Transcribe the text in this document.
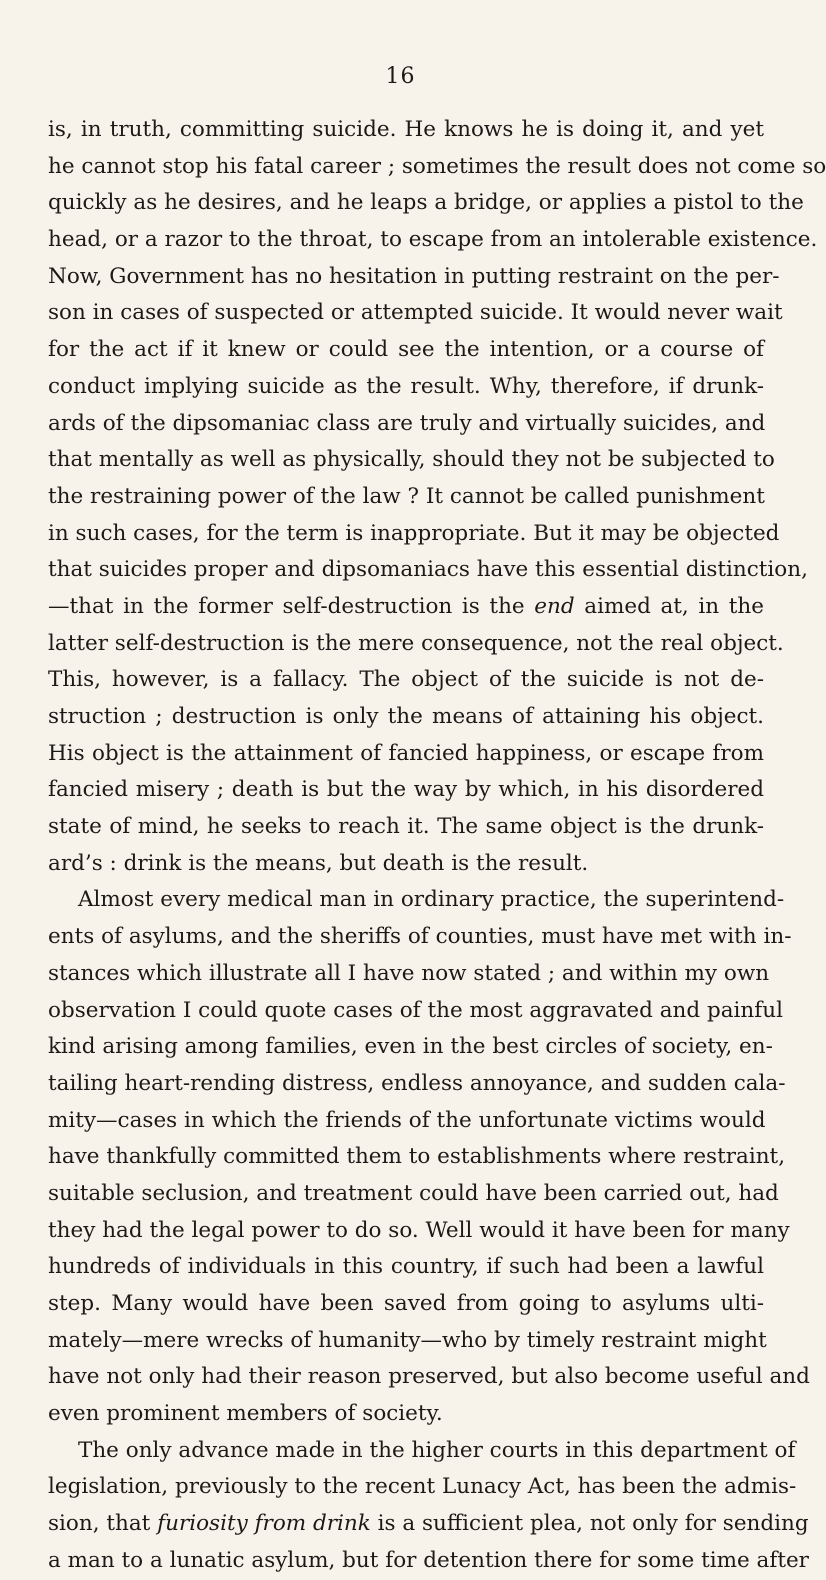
16
is, in truth, committing suicide. He knows he is doing it, and yet
he cannot stop his fatal career ; sometimes the result does not come so
quickly as he desires, and he leaps a bridge, or applies a pistol to the
head, or a razor to the throat, to escape from an intolerable existence.
Now, Government has no hesitation in putting restraint on the per-
son in cases of suspected or attempted suicide. It would never wait
for the act if it knew or could see the intention, or a course of
conduct implying suicide as the result. Why, therefore, if drunk-
ards of the dipsomaniac class are truly and virtually suicides, and
that mentally as well as physically, should they not be subjected to
the restraining power of the law ? It cannot be called punishment
in such cases, for the term is inappropriate. But it may be objected
that suicides proper and dipsomaniacs have this essential distinction,
—that in the former self-destruction is the end aimed at, in the
latter self-destruction is the mere consequence, not the real object.
This, however, is a fallacy. The object of the suicide is not de-
struction ; destruction is only the means of attaining his object.
His object is the attainment of fancied happiness, or escape from
fancied misery ; death is but the way by which, in his disordered
state of mind, he seeks to reach it. The same object is the drunk-
ard’s : drink is the means, but death is the result.
Almost every medical man in ordinary practice, the superintend-
ents of asylums, and the sheriffs of counties, must have met with in-
stances which illustrate all I have now stated ; and within my own
observation I could quote cases of the most aggravated and painful
kind arising among families, even in the best circles of society, en-
tailing heart-rending distress, endless annoyance, and sudden cala-
mity—cases in which the friends of the unfortunate victims would
have thankfully committed them to establishments where restraint,
suitable seclusion, and treatment could have been carried out, had
they had the legal power to do so. Well would it have been for many
hundreds of individuals in this country, if such had been a lawful
step. Many would have been saved from going to asylums ulti-
mately—mere wrecks of humanity—who by timely restraint might
have not only had their reason preserved, but also become useful and
even prominent members of society.
The only advance made in the higher courts in this department of
legislation, previously to the recent Lunacy Act, has been the admis-
sion, that furiosity from drink is a sufficient plea, not only for sending
a man to a lunatic asylum, but for detention there for some time after
